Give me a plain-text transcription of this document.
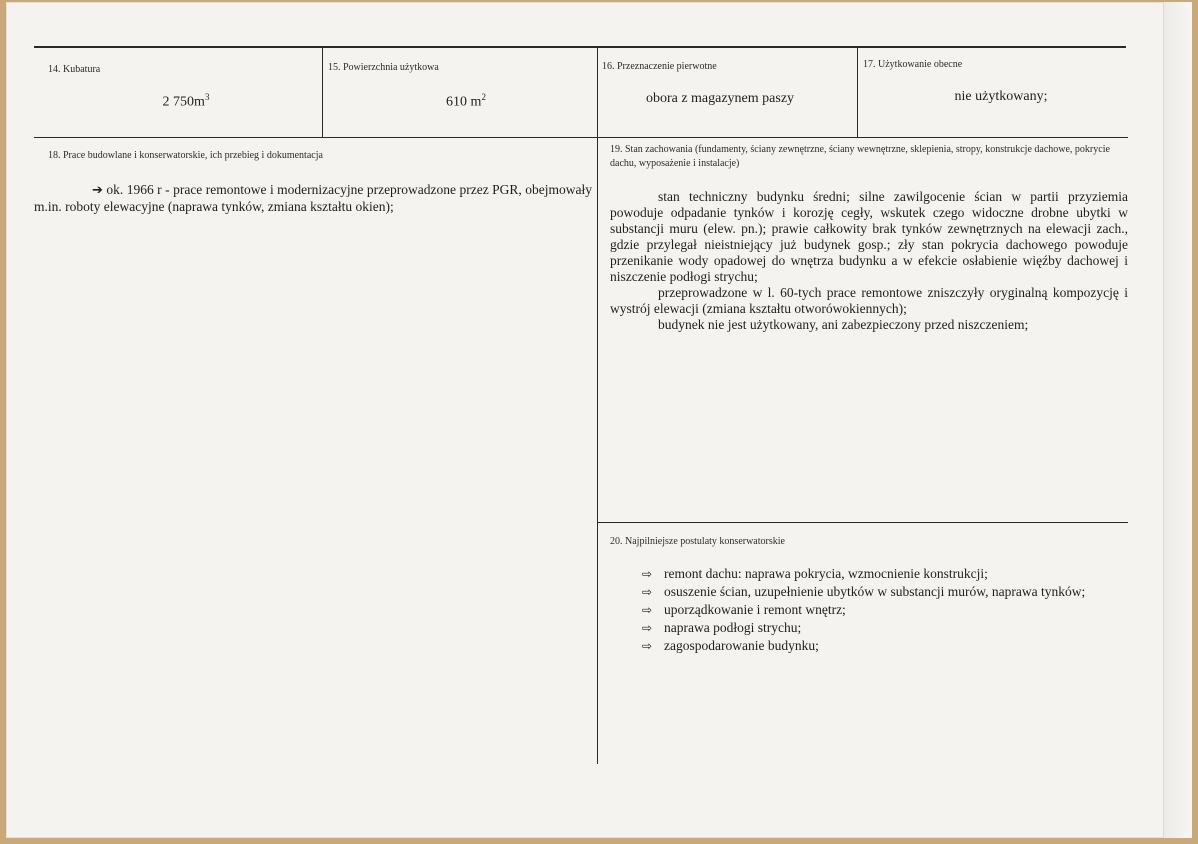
14. Kubatura
2 $750m^3$
15. Powierzchnia użytkowa
610 $m^2$
16. Przeznaczenie pierwotne
obora z magazynem paszy
17. Użytkowanie obecne
nie użytkowany;
18. Prace budowlane i konserwatorskie, ich przebieg i dokumentacja

➔ ok. 1966 r - prace remontowe i modernizacyjne przeprowadzone przez PGR, obejmowały m.in. roboty elewacyjne (naprawa tynków, zmiana kształtu okien);

19. Stan zachowania (fundamenty, ściany zewnętrzne, ściany wewnętrzne, sklepienia, stropy, konstrukcje dachowe, pokrycie dachu, wyposażenie i instalacje)

stan techniczny budynku średni; silne zawilgocenie ścian w partii przyziemia powoduje odpadanie tynków i korozję cegły, wskutek czego widoczne drobne ubytki w substancji muru (elew. pn.); prawie całkowity brak tynków zewnętrznych na elewacji zach., gdzie przylegał nieistniejący już budynek gosp.; zły stan pokrycia dachowego powoduje przenikanie wody opadowej do wnętrza budynku a w efekcie osłabienie więźby dachowej i niszczenie podłogi strychu;

przeprowadzone w l. 60-tych prace remontowe zniszczyły oryginalną kompozycję i wystrój elewacji (zmiana kształtu otworówokiennych);

budynek nie jest użytkowany, ani zabezpieczony przed niszczeniem;

20. Najpilniejsze postulaty konserwatorskie
⇨ remont dachu: naprawa pokrycia, wzmocnienie konstrukcji;
⇨ osuszenie ścian, uzupełnienie ubytków w substancji murów, naprawa tynków;
⇨ uporządkowanie i remont wnętrz;
⇨ naprawa podłogi strychu;
⇨ zagospodarowanie budynku;
